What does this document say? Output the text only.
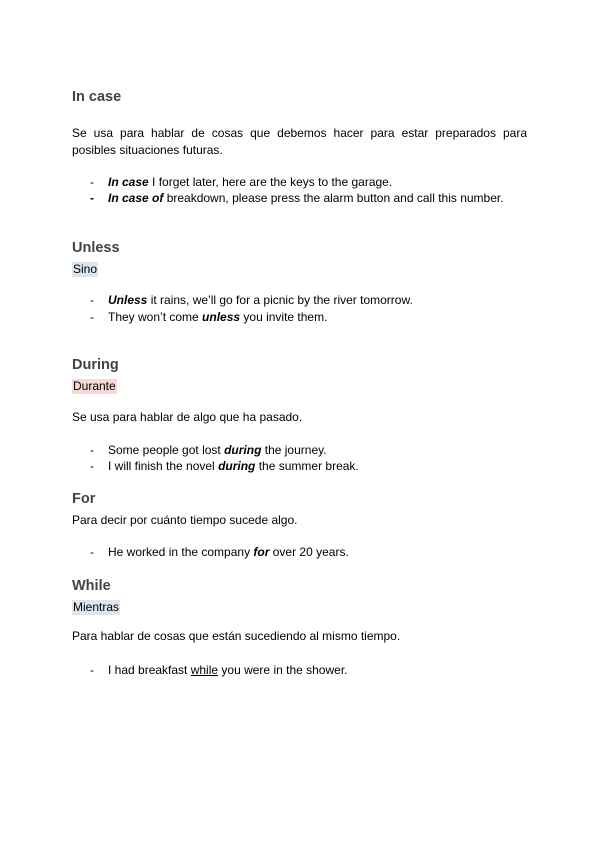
In case

Se usa para hablar de cosas que debemos hacer para estar preparados para posibles situaciones futuras.

- In case I forget later, here are the keys to the garage.
- In case of breakdown, please press the alarm button and call this number.
Unless
Sino
- Unless it rains, we’ll go for a picnic by the river tomorrow.
- They won’t come unless you invite them.
During
Durante

Se usa para hablar de algo que ha pasado.

- Some people got lost during the journey.
- I will finish the novel during the summer break.
For

Para decir por cuánto tiempo sucede algo.

- He worked in the company for over 20 years.
While
Mientras

Para hablar de cosas que están sucediendo al mismo tiempo.

- I had breakfast while you were in the shower.
